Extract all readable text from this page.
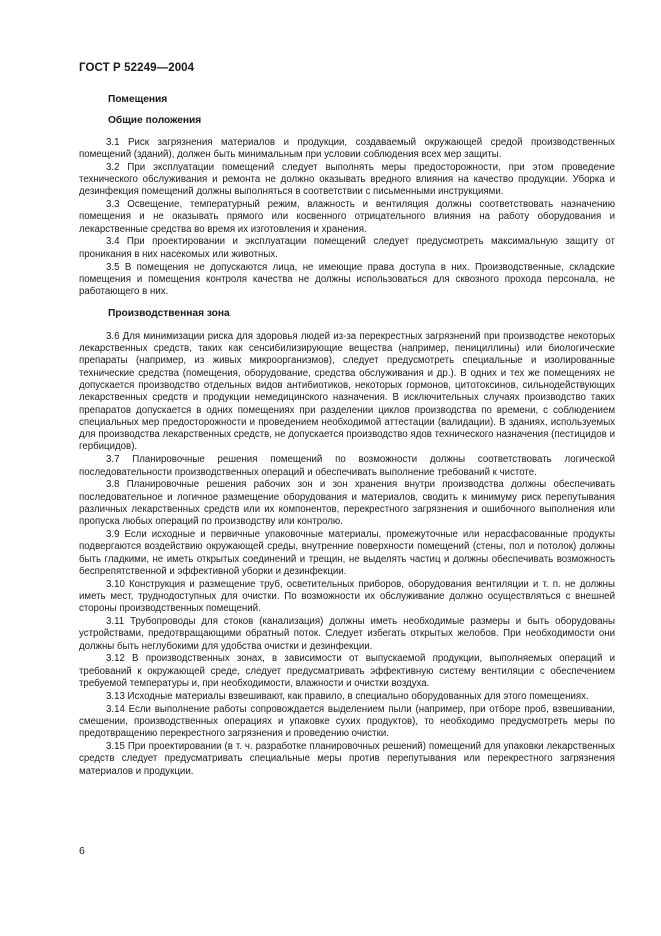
ГОСТ Р 52249—2004
Помещения
Общие положения

3.1 Риск загрязнения материалов и продукции, создаваемый окружающей средой производственных помещений (зданий), должен быть минимальным при условии соблюдения всех мер защиты.

3.2 При эксплуатации помещений следует выполнять меры предосторожности, при этом проведение технического обслуживания и ремонта не должно оказывать вредного влияния на качество продукции. Уборка и дезинфекция помещений должны выполняться в соответствии с письменными инструкциями.

3.3 Освещение, температурный режим, влажность и вентиляция должны соответствовать назначению помещения и не оказывать прямого или косвенного отрицательного влияния на работу оборудования и лекарственные средства во время их изготовления и хранения.

3.4 При проектировании и эксплуатации помещений следует предусмотреть максимальную защиту от проникания в них насекомых или животных.

3.5 В помещения не допускаются лица, не имеющие права доступа в них. Производственные, складские помещения и помещения контроля качества не должны использоваться для сквозного прохода персонала, не работающего в них.

Производственная зона

3.6 Для минимизации риска для здоровья людей из-за перекрестных загрязнений при производстве некоторых лекарственных средств, таких как сенсибилизирующие вещества (например, пенициллины) или биологические препараты (например, из живых микроорганизмов), следует предусмотреть специальные и изолированные технические средства (помещения, оборудование, средства обслуживания и др.). В одних и тех же помещениях не допускается производство отдельных видов антибиотиков, некоторых гормонов, цитотоксинов, сильнодействующих лекарственных средств и продукции немедицинского назначения. В исключительных случаях производство таких препаратов допускается в одних помещениях при разделении циклов производства по времени, с соблюдением специальных мер предосторожности и проведением необходимой аттестации (валидации). В зданиях, используемых для производства лекарственных средств, не допускается производство ядов технического назначения (пестицидов и гербицидов).

3.7 Планировочные решения помещений по возможности должны соответствовать логической последовательности производственных операций и обеспечивать выполнение требований к чистоте.

3.8 Планировочные решения рабочих зон и зон хранения внутри производства должны обеспечивать последовательное и логичное размещение оборудования и материалов, сводить к минимуму риск перепутывания различных лекарственных средств или их компонентов, перекрестного загрязнения и ошибочного выполнения или пропуска любых операций по производству или контролю.

3.9 Если исходные и первичные упаковочные материалы, промежуточные или нерасфасованные продукты подвергаются воздействию окружающей среды, внутренние поверхности помещений (стены, пол и потолок) должны быть гладкими, не иметь открытых соединений и трещин, не выделять частиц и должны обеспечивать возможность беспрепятственной и эффективной уборки и дезинфекции.

3.10 Конструкция и размещение труб, осветительных приборов, оборудования вентиляции и т. п. не должны иметь мест, труднодоступных для очистки. По возможности их обслуживание должно осуществляться с внешней стороны производственных помещений.

3.11 Трубопроводы для стоков (канализация) должны иметь необходимые размеры и быть оборудованы устройствами, предотвращающими обратный поток. Следует избегать открытых желобов. При необходимости они должны быть неглубокими для удобства очистки и дезинфекции.

3.12 В производственных зонах, в зависимости от выпускаемой продукции, выполняемых операций и требований к окружающей среде, следует предусматривать эффективную систему вентиляции с обеспечением требуемой температуры и, при необходимости, влажности и очистки воздуха.

3.13 Исходные материалы взвешивают, как правило, в специально оборудованных для этого помещениях.

3.14 Если выполнение работы сопровождается выделением пыли (например, при отборе проб, взвешивании, смешении, производственных операциях и упаковке сухих продуктов), то необходимо предусмотреть меры по предотвращению перекрестного загрязнения и проведению очистки.

3.15 При проектировании (в т. ч. разработке планировочных решений) помещений для упаковки лекарственных средств следует предусматривать специальные меры против перепутывания или перекрестного загрязнения материалов и продукции.

6
